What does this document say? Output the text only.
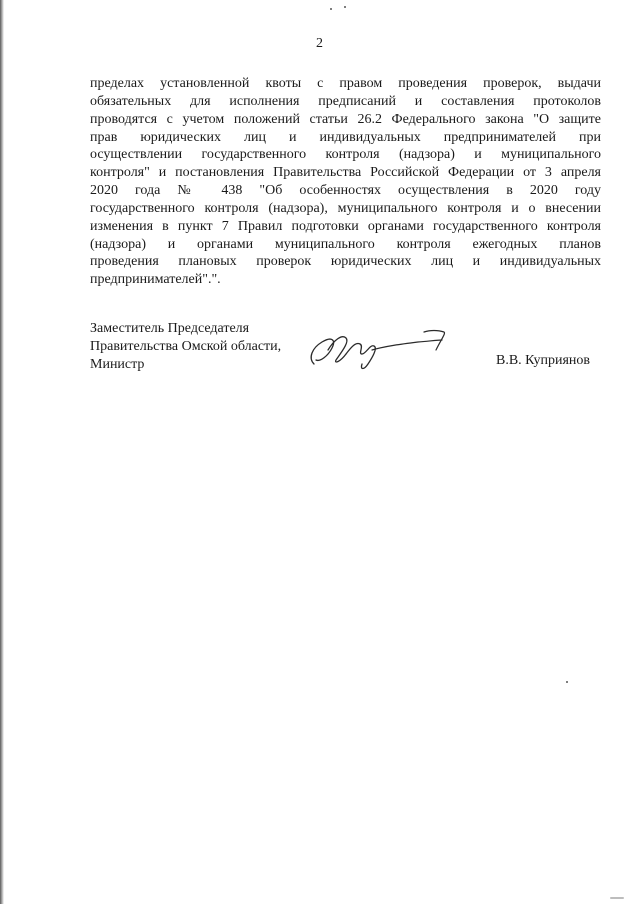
2
пределах установленной квоты с правом проведения проверок, выдачи
обязательных для исполнения предписаний и составления протоколов
проводятся с учетом положений статьи 26.2 Федерального закона "О защите
прав юридических лиц и индивидуальных предпринимателей при
осуществлении государственного контроля (надзора) и муниципального
контроля" и постановления Правительства Российской Федерации от 3 апреля
2020 года № 438 "Об особенностях осуществления в 2020 году
государственного контроля (надзора), муниципального контроля и о внесении
изменения в пункт 7 Правил подготовки органами государственного контроля
(надзора) и органами муниципального контроля ежегодных планов
проведения плановых проверок юридических лиц и индивидуальных
предпринимателей".".
Заместитель Председателя
Правительства Омской области,
Министр	В.В. Куприянов
